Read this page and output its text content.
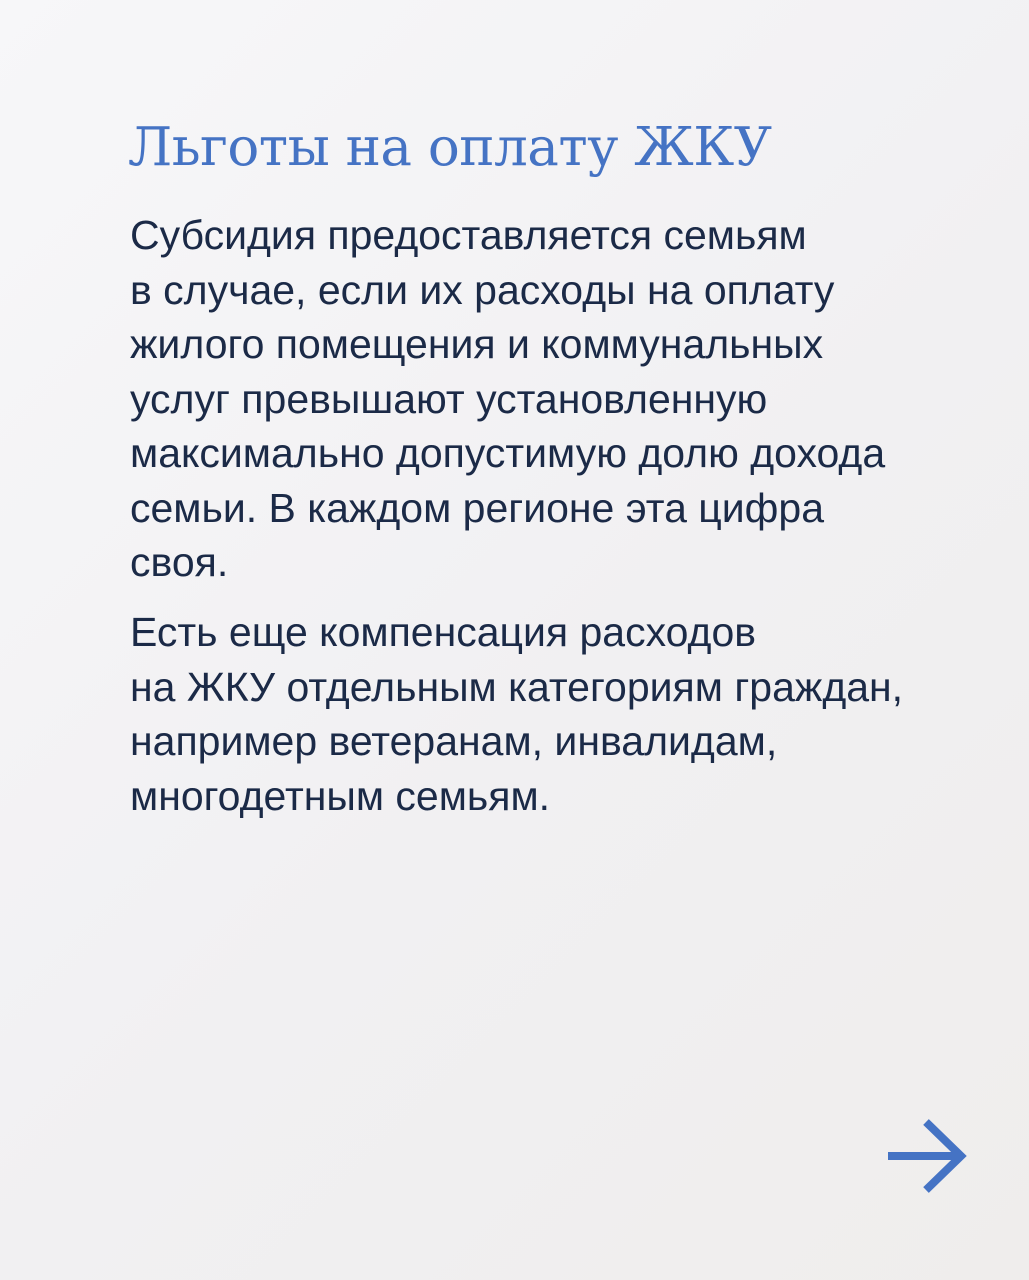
Льготы на оплату ЖКУ

Субсидия предоставляется семьям
в случае, если их расходы на оплату
жилого помещения и коммунальных
услуг превышают установленную
максимально допустимую долю дохода
семьи. В каждом регионе эта цифра
своя.

Есть еще компенсация расходов
на ЖКУ отдельным категориям граждан,
например ветеранам, инвалидам,
многодетным семьям.
